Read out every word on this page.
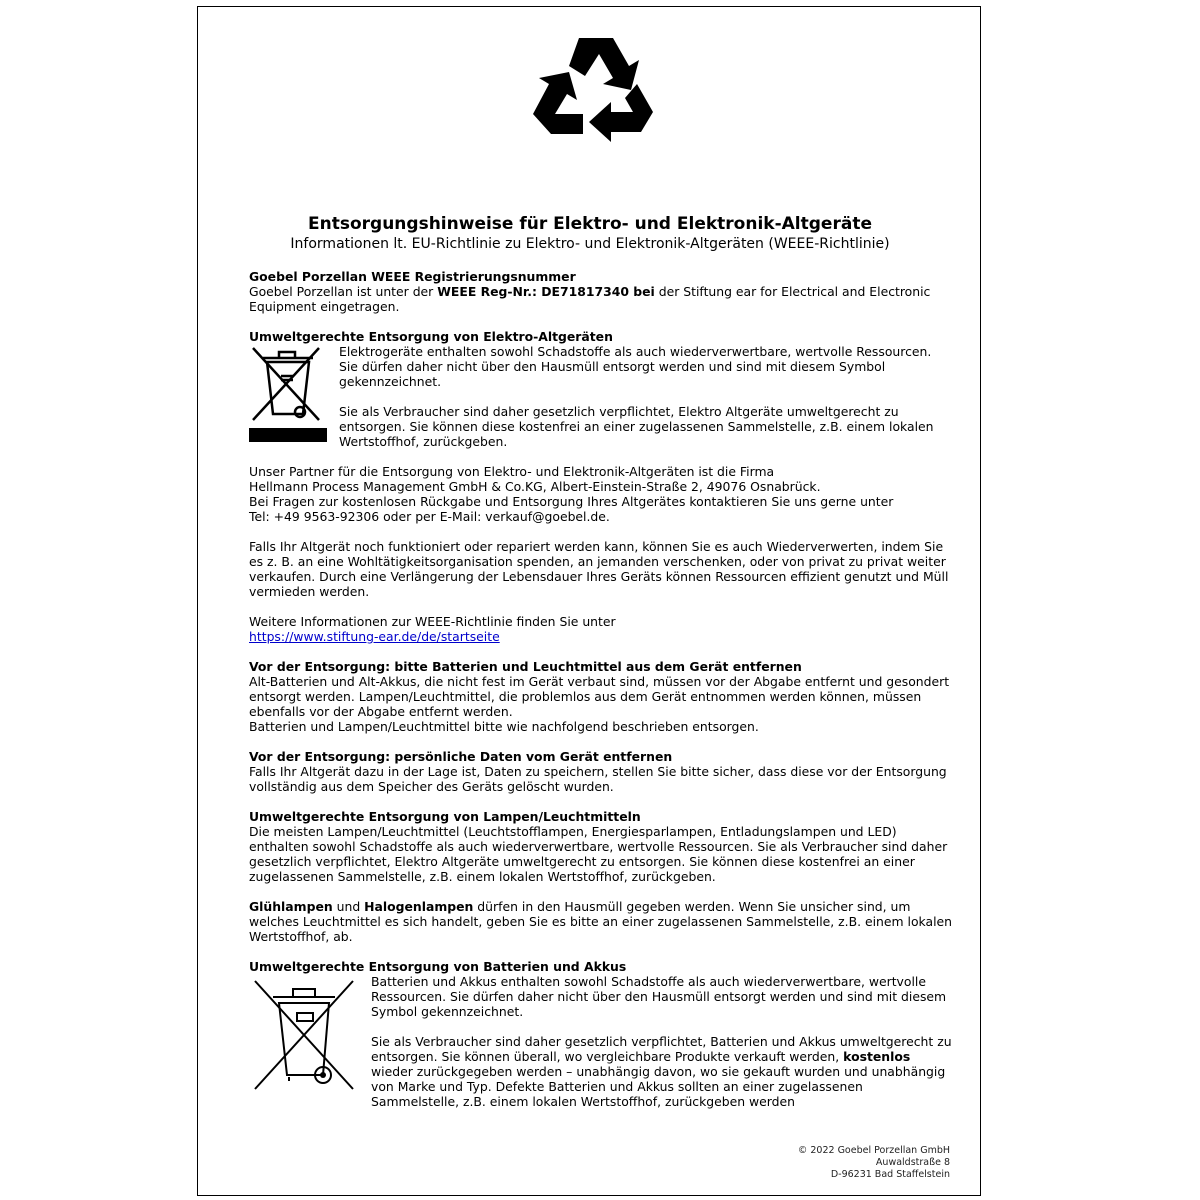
Entsorgungshinweise für Elektro- und Elektronik-Altgeräte
Informationen lt. EU-Richtlinie zu Elektro- und Elektronik-Altgeräten (WEEE-Richtlinie)
Goebel Porzellan WEEE Registrierungsnummer

Goebel Porzellan ist unter der WEEE Reg-Nr.: DE71817340 bei der Stiftung ear for Electrical and Electronic Equipment eingetragen.

Umweltgerechte Entsorgung von Elektro-Altgeräten

Elektrogeräte enthalten sowohl Schadstoffe als auch wiederverwertbare, wertvolle Ressourcen. Sie dürfen daher nicht über den Hausmüll entsorgt werden und sind mit diesem Symbol gekennzeichnet.

Sie als Verbraucher sind daher gesetzlich verpflichtet, Elektro Altgeräte umweltgerecht zu entsorgen. Sie können diese kostenfrei an einer zugelassenen Sammelstelle, z.B. einem lokalen Wertstoffhof, zurückgeben.

Unser Partner für die Entsorgung von Elektro- und Elektronik-Altgeräten ist die Firma

Hellmann Process Management GmbH & Co.KG, Albert-Einstein-Straße 2, 49076 Osnabrück.

Bei Fragen zur kostenlosen Rückgabe und Entsorgung Ihres Altgerätes kontaktieren Sie uns gerne unter

Tel: +49 9563-92306 oder per E-Mail: verkauf@goebel.de.

Falls Ihr Altgerät noch funktioniert oder repariert werden kann, können Sie es auch Wiederverwerten, indem Sie es z. B. an eine Wohltätigkeitsorganisation spenden, an jemanden verschenken, oder von privat zu privat weiter verkaufen. Durch eine Verlängerung der Lebensdauer Ihres Geräts können Ressourcen effizient genutzt und Müll vermieden werden.

Weitere Informationen zur WEEE-Richtlinie finden Sie unter

https://www.stiftung-ear.de/de/startseite
Vor der Entsorgung: bitte Batterien und Leuchtmittel aus dem Gerät entfernen

Alt-Batterien und Alt-Akkus, die nicht fest im Gerät verbaut sind, müssen vor der Abgabe entfernt und gesondert entsorgt werden. Lampen/Leuchtmittel, die problemlos aus dem Gerät entnommen werden können, müssen ebenfalls vor der Abgabe entfernt werden.

Batterien und Lampen/Leuchtmittel bitte wie nachfolgend beschrieben entsorgen.

Vor der Entsorgung: persönliche Daten vom Gerät entfernen

Falls Ihr Altgerät dazu in der Lage ist, Daten zu speichern, stellen Sie bitte sicher, dass diese vor der Entsorgung vollständig aus dem Speicher des Geräts gelöscht wurden.

Umweltgerechte Entsorgung von Lampen/Leuchtmitteln

Die meisten Lampen/Leuchtmittel (Leuchtstofflampen, Energiesparlampen, Entladungslampen und LED) enthalten sowohl Schadstoffe als auch wiederverwertbare, wertvolle Ressourcen. Sie als Verbraucher sind daher gesetzlich verpflichtet, Elektro Altgeräte umweltgerecht zu entsorgen. Sie können diese kostenfrei an einer zugelassenen Sammelstelle, z.B. einem lokalen Wertstoffhof, zurückgeben.

Glühlampen und Halogenlampen dürfen in den Hausmüll gegeben werden. Wenn Sie unsicher sind, um welches Leuchtmittel es sich handelt, geben Sie es bitte an einer zugelassenen Sammelstelle, z.B. einem lokalen Wertstoffhof, ab.

Umweltgerechte Entsorgung von Batterien und Akkus

Batterien und Akkus enthalten sowohl Schadstoffe als auch wiederverwertbare, wertvolle Ressourcen. Sie dürfen daher nicht über den Hausmüll entsorgt werden und sind mit diesem Symbol gekennzeichnet.

Sie als Verbraucher sind daher gesetzlich verpflichtet, Batterien und Akkus umweltgerecht zu entsorgen. Sie können überall, wo vergleichbare Produkte verkauft werden, kostenlos wieder zurückgegeben werden – unabhängig davon, wo sie gekauft wurden und unabhängig von Marke und Typ. Defekte Batterien und Akkus sollten an einer zugelassenen Sammelstelle, z.B. einem lokalen Wertstoffhof, zurückgeben werden

© 2022 Goebel Porzellan GmbH
Auwaldstraße 8
D-96231 Bad Staffelstein
